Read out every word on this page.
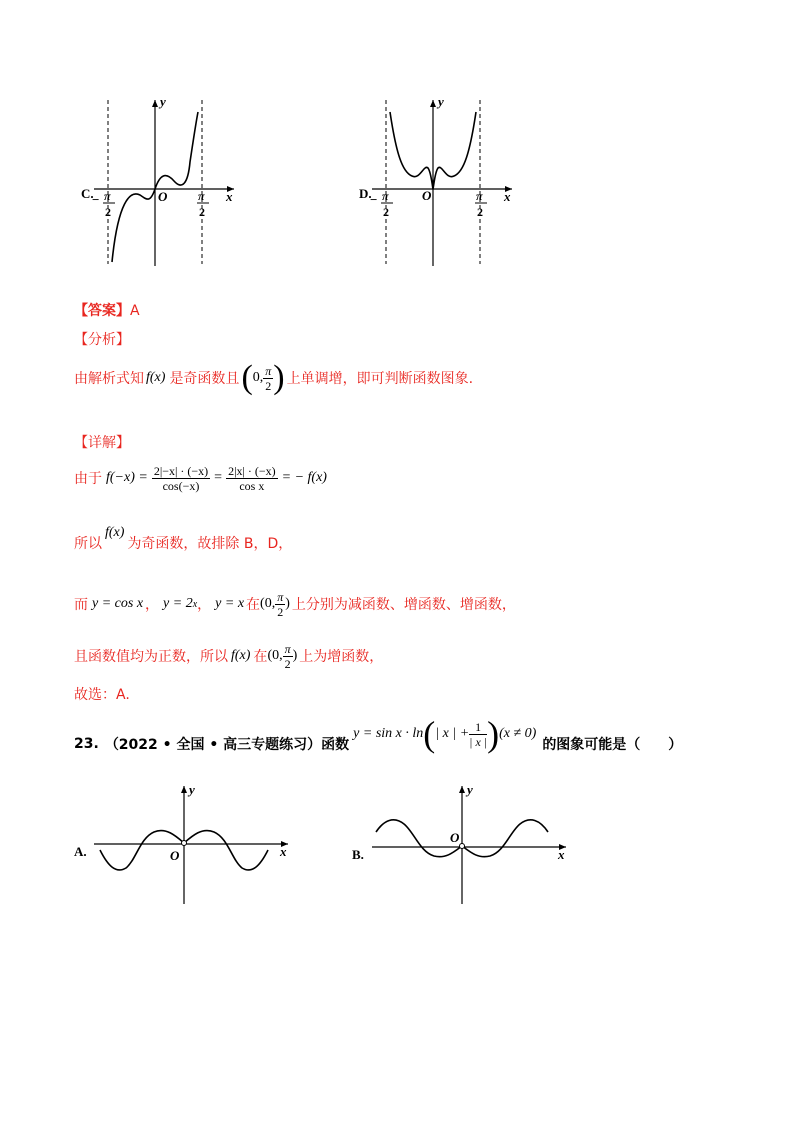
C.
y
x
O
− π
2
π
2
D.
y
x
O
− π
2
π
2
【答案】A
【分析】
由解析式知 f(x) 是奇函数且 ( 0, $\frac{\pi}{2}$ ) 上单调增，即可判断函数图象.
【详解】
由于 $f(-x) = \frac{2|-x| \cdot (-x)}{\cos(-x)} = \frac{2|x| \cdot (-x)}{\text{cos x}}$ = − f(x)
所以
f(x)
为奇函数，故排除 B，D，
而 y = cos x ， y = 2 x ， y = x 在 (0, $\frac{\pi}{2}$ ) 上分别为减函数、增函数、增函数，
且函数值均为正数，所以 f(x) 在 (0, $\frac{\pi}{2}$ ) 上为增函数，
故选：A.
23. （2022 • 全国 • 高三专题练习）函数
y = sin x · ln ( | x | + $\frac{1}{| x |}$ ) (x ≠ 0)
的图象可能是（　　）
A.
y
x
O	B.
y
x
O
